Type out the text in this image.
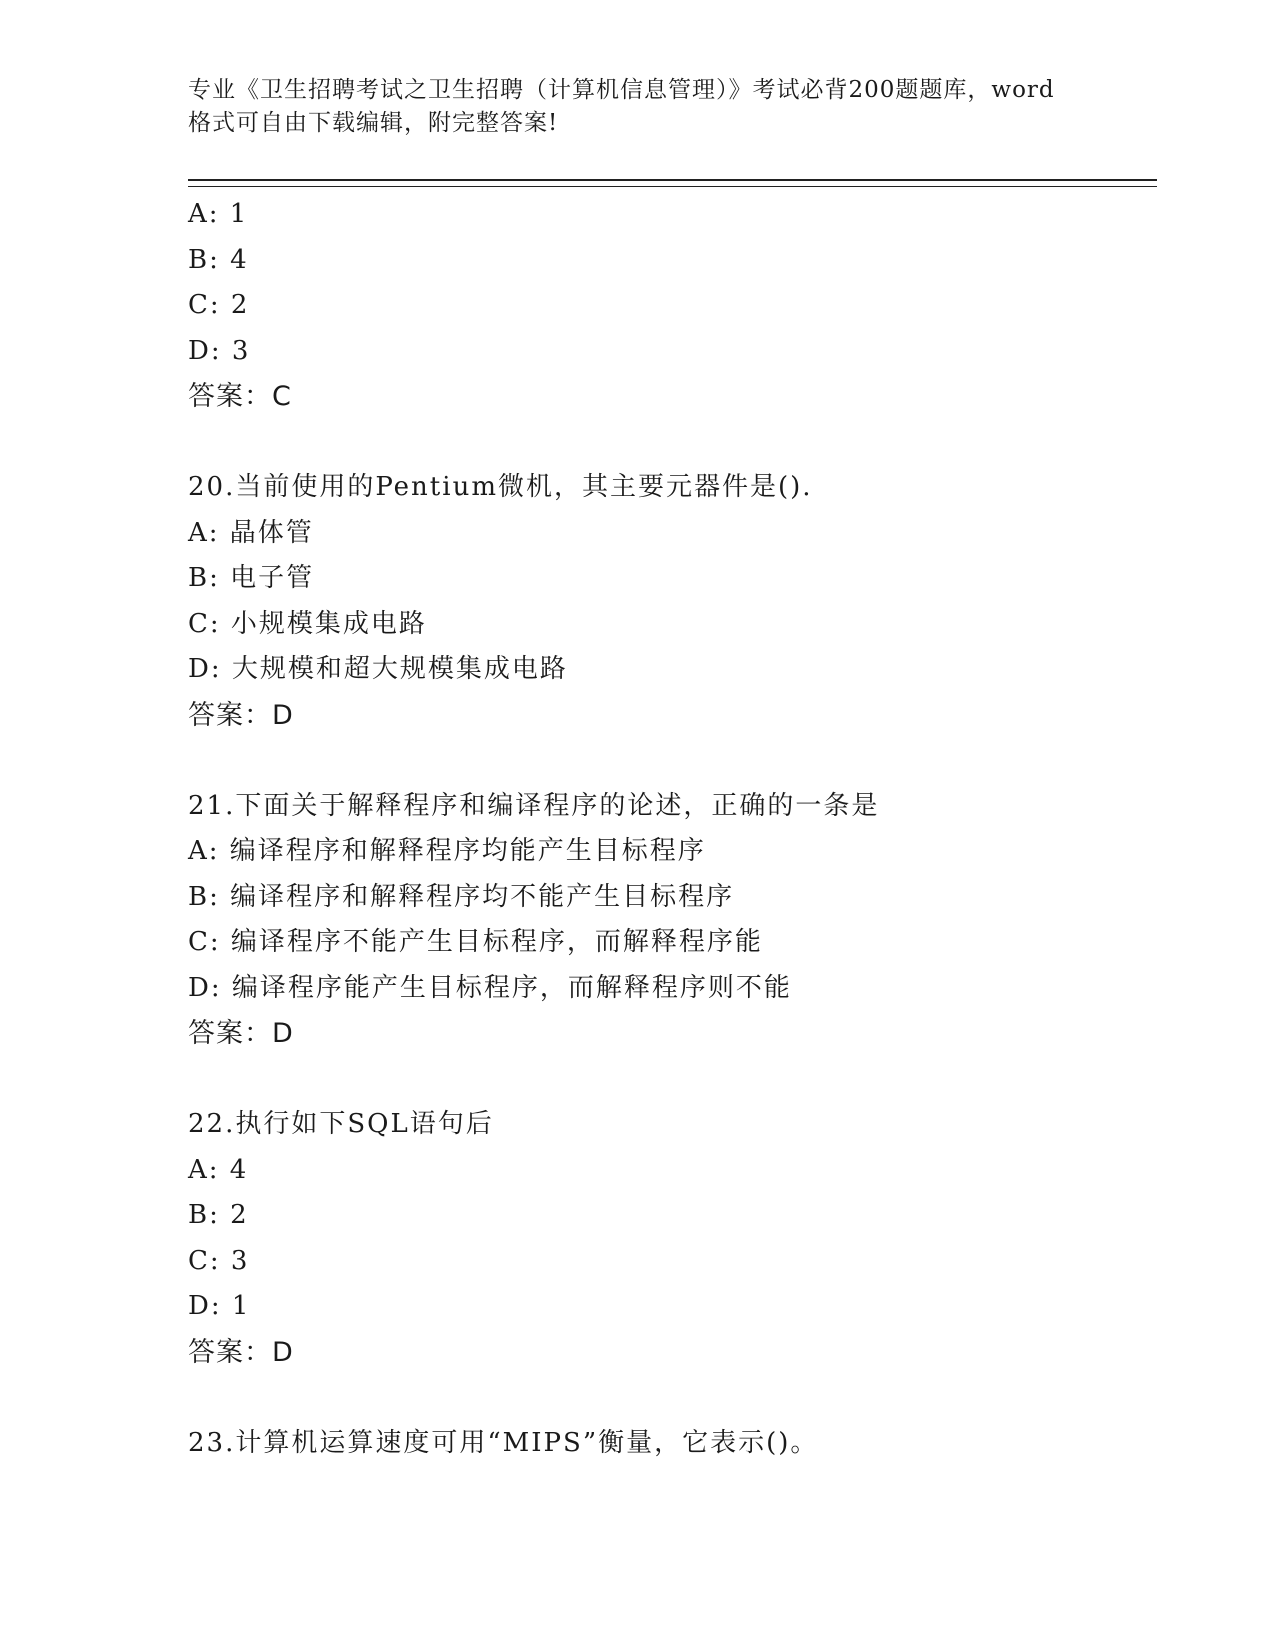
专业《卫生招聘考试之卫生招聘（计算机信息管理）》考试必背200题题库，word
格式可自由下载编辑，附完整答案!
A: 1
B: 4
C: 2
D: 3
答案：C
20.当前使用的Pentium微机，其主要元器件是().
A: 晶体管
B: 电子管
C: 小规模集成电路
D: 大规模和超大规模集成电路
答案：D
21.下面关于解释程序和编译程序的论述，正确的一条是
A: 编译程序和解释程序均能产生目标程序
B: 编译程序和解释程序均不能产生目标程序
C: 编译程序不能产生目标程序，而解释程序能
D: 编译程序能产生目标程序，而解释程序则不能
答案：D
22.执行如下SQL语句后
A: 4
B: 2
C: 3
D: 1
答案：D
23.计算机运算速度可用“MIPS”衡量，它表示()。
